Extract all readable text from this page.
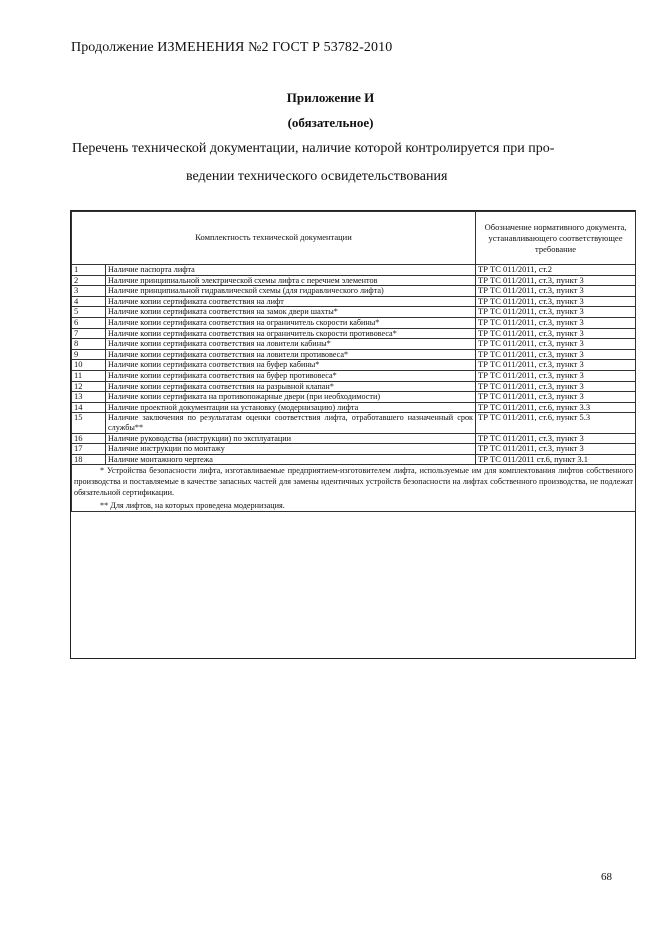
Продолжение ИЗМЕНЕНИЯ №2 ГОСТ Р 53782-2010
Приложение И
(обязательное)
Перечень технической документации, наличие которой контролируется при про-
ведении технического освидетельствования
Комплектность технической документации		Обозначение нормативного документа, устанавливающего соответствующее требование
1	Наличие паспорта лифта	ТР ТС 011/2011, ст.2
2	Наличие принципиальной электрической схемы лифта с перечнем элементов	ТР ТС 011/2011, ст.3, пункт 3
3	Наличие принципиальной гидравлической схемы (для гидравлического лифта)	ТР ТС 011/2011, ст.3, пункт 3
4	Наличие копии сертификата соответствия на лифт	ТР ТС 011/2011, ст.3, пункт 3
5	Наличие копии сертификата соответствия на замок двери шахты*	ТР ТС 011/2011, ст.3, пункт 3
6	Наличие копии сертификата соответствия на ограничитель скорости кабины*	ТР ТС 011/2011, ст.3, пункт 3
7	Наличие копии сертификата соответствия на ограничитель скорости противовеса*	ТР ТС 011/2011, ст.3, пункт 3
8	Наличие копии сертификата соответствия на ловители кабины*	ТР ТС 011/2011, ст.3, пункт 3
9	Наличие копии сертификата соответствия на ловители противовеса*	ТР ТС 011/2011, ст.3, пункт 3
10	Наличие копии сертификата соответствия на буфер кабины*	ТР ТС 011/2011, ст.3, пункт 3
11	Наличие копии сертификата соответствия на буфер противовеса*	ТР ТС 011/2011, ст.3, пункт 3
12	Наличие копии сертификата соответствия на разрывной клапан*	ТР ТС 011/2011, ст.3, пункт 3
13	Наличие копии сертификата на противопожарные двери (при необходимости)	ТР ТС 011/2011, ст.3, пункт 3
14	Наличие проектной документации на установку (модернизацию) лифта	ТР ТС 011/2011, ст.6, пункт 3.3
15	Наличие заключения по результатам оценки соответствия лифта, отработавшего назначенный срок службы**	ТР ТС 011/2011, ст.6, пункт 5.3
16	Наличие руководства (инструкции) по эксплуатации	ТР ТС 011/2011, ст.3, пункт 3
17	Наличие инструкции по монтажу	ТР ТС 011/2011, ст.3, пункт 3
18	Наличие монтажного чертежа	ТР ТС 011/2011 ст.6, пункт 3.1

* Устройства безопасности лифта, изготавливаемые предприятием-изготовителем лифта, используемые им для комплектования лифтов собственного производства и поставляемые в качестве запасных частей для замены идентичных устройств безопасности на лифтах собственного производства, не подлежат обязательной сертификации.
** Для лифтов, на которых проведена модернизация.		
68
